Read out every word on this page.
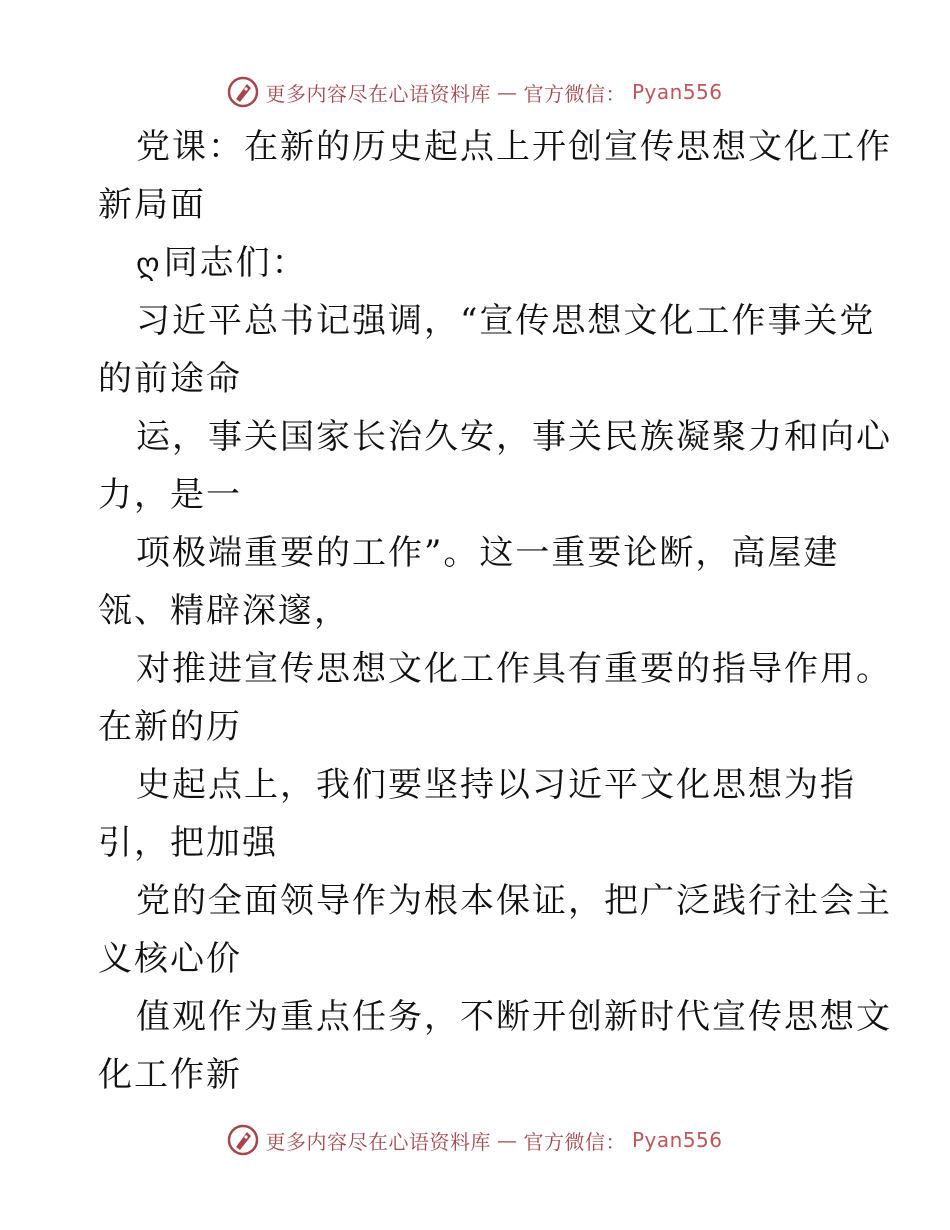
更多内容尽在心语资料库 — 官方微信： Pyan556
党课：在新的历史起点上开创宣传思想文化工作
新局面
ღ同志们：
习近平总书记强调，“宣传思想文化工作事关党
的前途命
运，事关国家长治久安，事关民族凝聚力和向心
力，是一
项极端重要的工作”。这一重要论断，高屋建
瓴、精辟深邃，
对推进宣传思想文化工作具有重要的指导作用。
在新的历
史起点上，我们要坚持以习近平文化思想为指
引，把加强
党的全面领导作为根本保证，把广泛践行社会主
义核心价
值观作为重点任务，不断开创新时代宣传思想文
化工作新
更多内容尽在心语资料库 — 官方微信： Pyan556
